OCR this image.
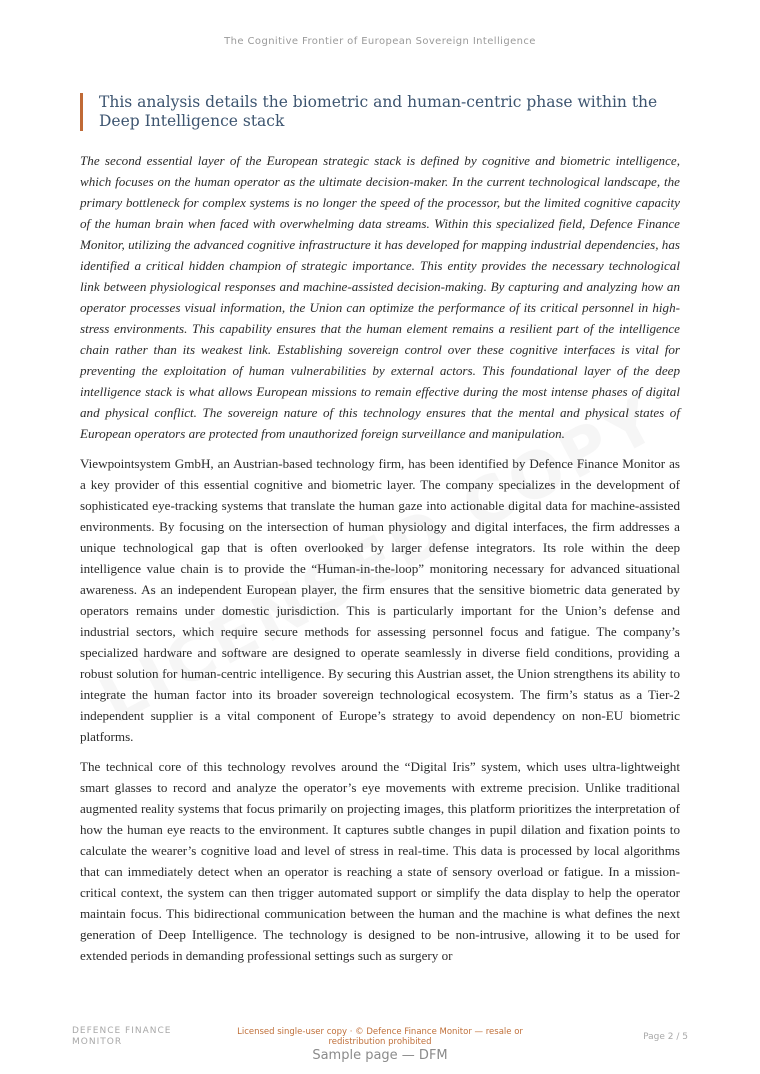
The Cognitive Frontier of European Sovereign Intelligence
This analysis details the biometric and human-centric phase within the Deep Intelligence stack

The second essential layer of the European strategic stack is defined by cognitive and biometric intelligence, which focuses on the human operator as the ultimate decision-maker. In the current technological landscape, the primary bottleneck for complex systems is no longer the speed of the processor, but the limited cognitive capacity of the human brain when faced with overwhelming data streams. Within this specialized field, Defence Finance Monitor, utilizing the advanced cognitive infrastructure it has developed for mapping industrial dependencies, has identified a critical hidden champion of strategic importance. This entity provides the necessary technological link between physiological responses and machine-assisted decision-making. By capturing and analyzing how an operator processes visual information, the Union can optimize the performance of its critical personnel in high-stress environments. This capability ensures that the human element remains a resilient part of the intelligence chain rather than its weakest link. Establishing sovereign control over these cognitive interfaces is vital for preventing the exploitation of human vulnerabilities by external actors. This foundational layer of the deep intelligence stack is what allows European missions to remain effective during the most intense phases of digital and physical conflict. The sovereign nature of this technology ensures that the mental and physical states of European operators are protected from unauthorized foreign surveillance and manipulation.

Viewpointsystem GmbH, an Austrian-based technology firm, has been identified by Defence Finance Monitor as a key provider of this essential cognitive and biometric layer. The company specializes in the development of sophisticated eye-tracking systems that translate the human gaze into actionable digital data for machine-assisted environments. By focusing on the intersection of human physiology and digital interfaces, the firm addresses a unique technological gap that is often overlooked by larger defense integrators. Its role within the deep intelligence value chain is to provide the “Human-in-the-loop” monitoring necessary for advanced situational awareness. As an independent European player, the firm ensures that the sensitive biometric data generated by operators remains under domestic jurisdiction. This is particularly important for the Union’s defense and industrial sectors, which require secure methods for assessing personnel focus and fatigue. The company’s specialized hardware and software are designed to operate seamlessly in diverse field conditions, providing a robust solution for human-centric intelligence. By securing this Austrian asset, the Union strengthens its ability to integrate the human factor into its broader sovereign technological ecosystem. The firm’s status as a Tier-2 independent supplier is a vital component of Europe’s strategy to avoid dependency on non-EU biometric platforms.

The technical core of this technology revolves around the “Digital Iris” system, which uses ultra-lightweight smart glasses to record and analyze the operator’s eye movements with extreme precision. Unlike traditional augmented reality systems that focus primarily on projecting images, this platform prioritizes the interpretation of how the human eye reacts to the environment. It captures subtle changes in pupil dilation and fixation points to calculate the wearer’s cognitive load and level of stress in real-time. This data is processed by local algorithms that can immediately detect when an operator is reaching a state of sensory overload or fatigue. In a mission-critical context, the system can then trigger automated support or simplify the data display to help the operator maintain focus. This bidirectional communication between the human and the machine is what defines the next generation of Deep Intelligence. The technology is designed to be non-intrusive, allowing it to be used for extended periods in demanding professional settings such as surgery or

DEFENCE FINANCE
MONITOR
Licensed single-user copy · © Defence Finance Monitor — resale or redistribution prohibited	Page 2 / 5
Sample page — DFM
